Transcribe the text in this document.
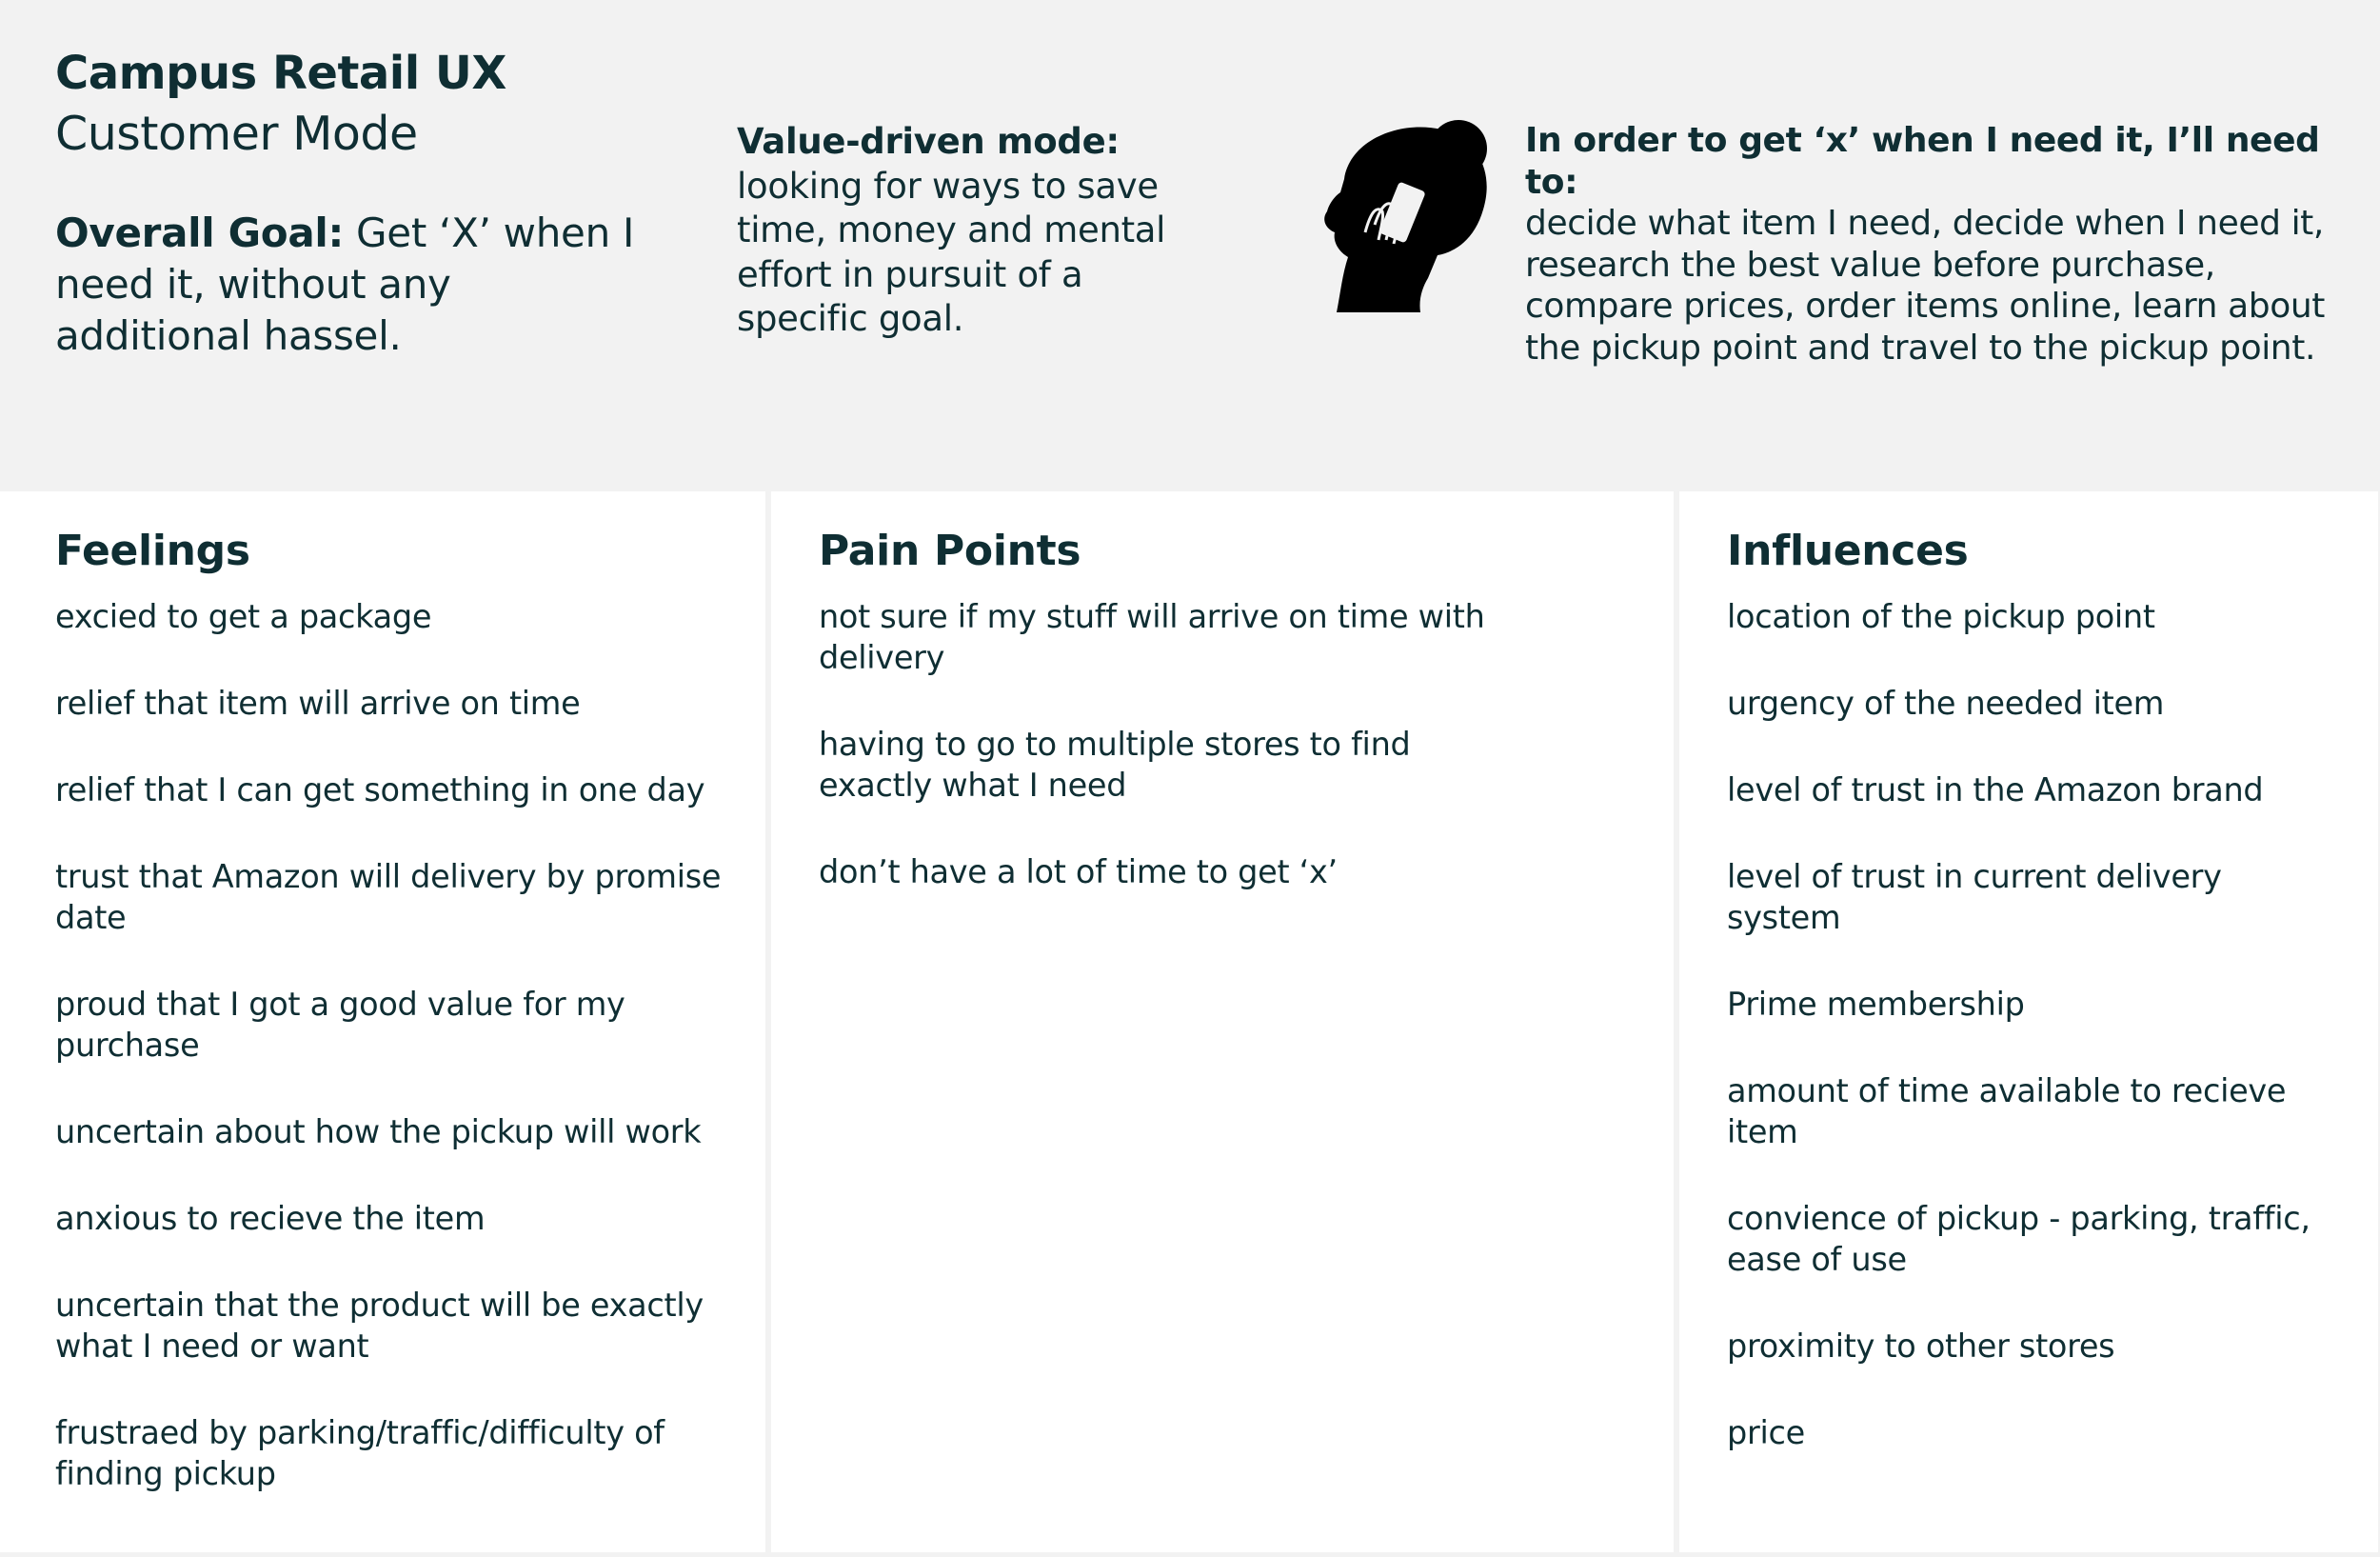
Campus Retail UX
Customer Mode
Overall Goal: Get ‘X’ when I need it, without any additional hassel.
Value-driven mode:
looking for ways to save time, money and mental effort in pursuit of a specific goal.
In order to get ‘x’ when I need it, I’ll need to:
decide what item I need, decide when I need it, research the best value before purchase, compare prices, order items online, learn about the pickup point and travel to the pickup point.
Feelings
excied to get a package
relief that item will arrive on time
relief that I can get something in one day
trust that Amazon will delivery by promise date
proud that I got a good value for my purchase
uncertain about how the pickup will work
anxious to recieve the item
uncertain that the product will be exactly what I need or want
frustraed by parking/traffic/difficulty of finding pickup
Pain Points
not sure if my stuff will arrive on time with delivery
having to go to multiple stores to find exactly what I need
don’t have a lot of time to get ‘x’
Influences
location of the pickup point
urgency of the needed item
level of trust in the Amazon brand
level of trust in current delivery system
Prime membership
amount of time available to recieve item
convience of pickup - parking, traffic, ease of use
proximity to other stores
price
